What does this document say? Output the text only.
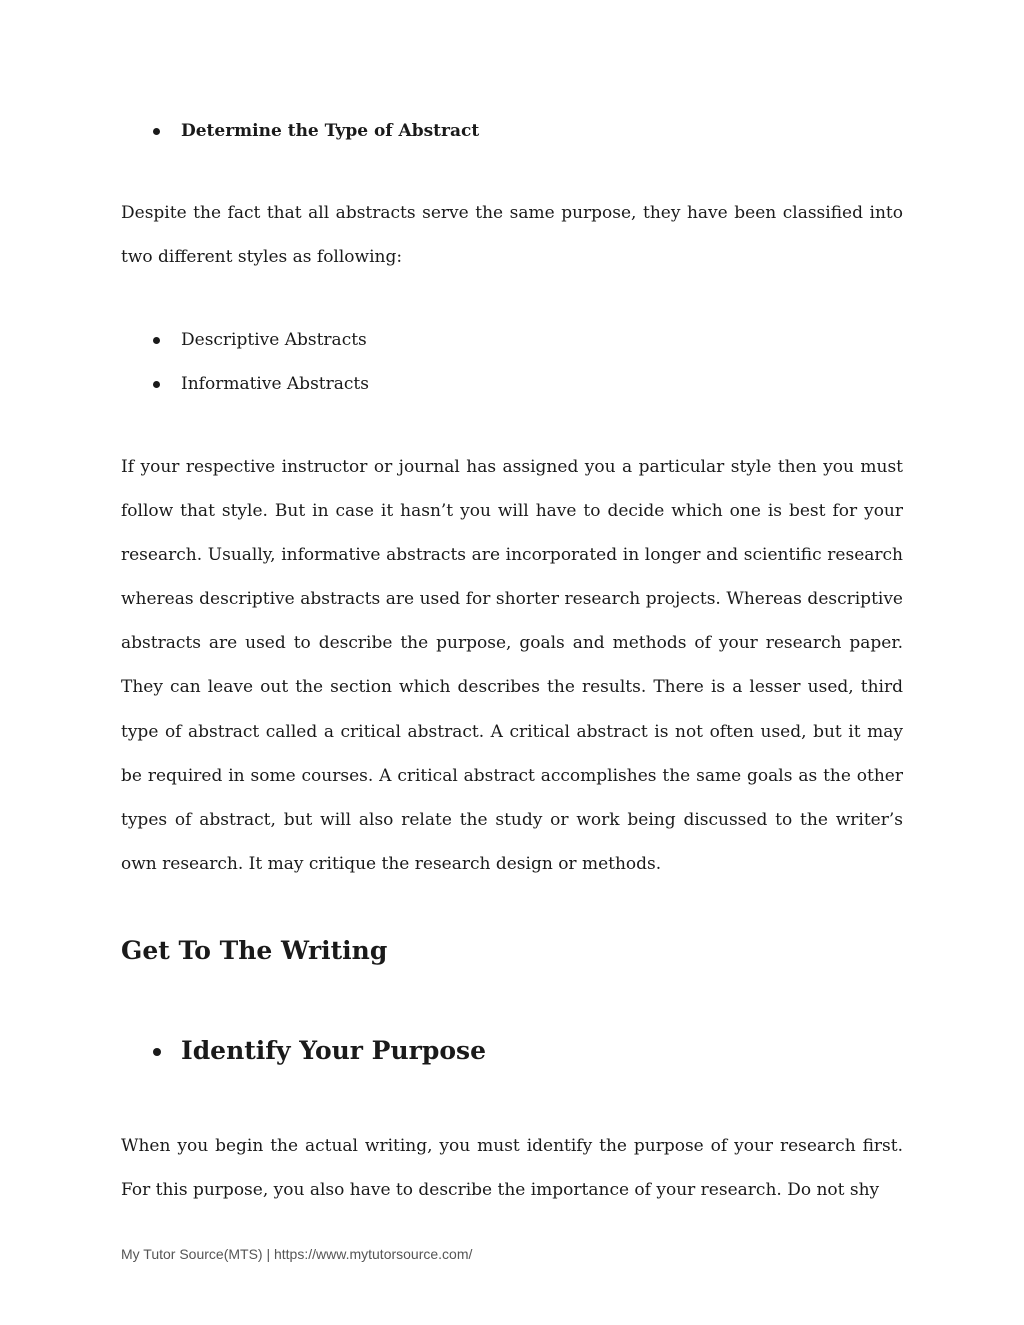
Determine the Type of Abstract

Despite the fact that all abstracts serve the same purpose, they have been classified into two different styles as following:

Descriptive Abstracts
Informative Abstracts

If your respective instructor or journal has assigned you a particular style then you must follow that style. But in case it hasn’t you will have to decide which one is best for your research. Usually, informative abstracts are incorporated in longer and scientific research whereas descriptive abstracts are used for shorter research projects. Whereas descriptive abstracts are used to describe the purpose, goals and methods of your research paper. They can leave out the section which describes the results. There is a lesser used, third type of abstract called a critical abstract. A critical abstract is not often used, but it may be required in some courses. A critical abstract accomplishes the same goals as the other types of abstract, but will also relate the study or work being discussed to the writer’s own research. It may critique the research design or methods.

Get To The Writing
Identify Your Purpose

When you begin the actual writing, you must identify the purpose of your research first. For this purpose, you also have to describe the importance of your research. Do not shy

My Tutor Source(MTS) | https://www.mytutorsource.com/
